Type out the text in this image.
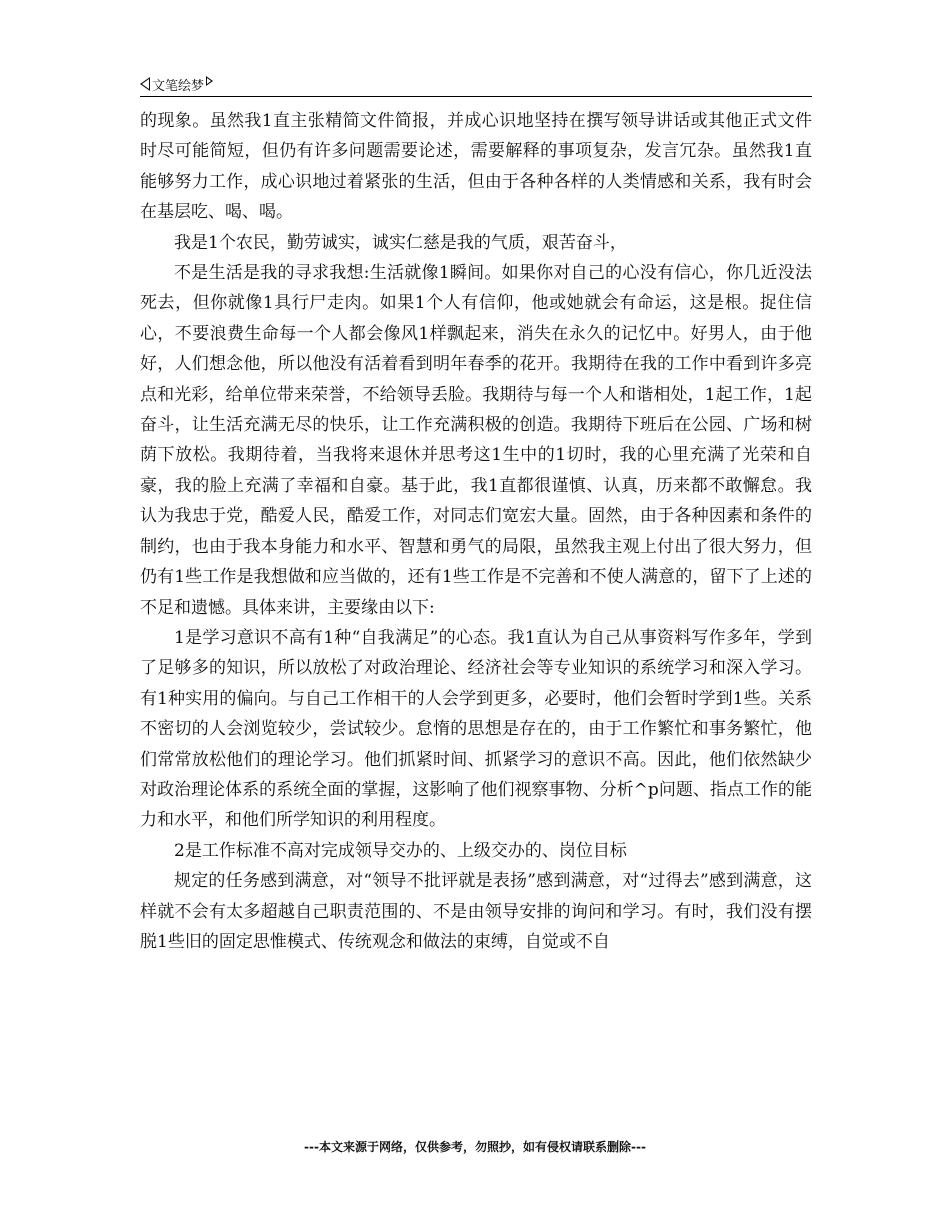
文笔绘梦

的现象。虽然我1直主张精简文件简报，并成心识地坚持在撰写领导讲话或其他正式文件时尽可能简短，但仍有许多问题需要论述，需要解释的事项复杂，发言冗杂。虽然我1直能够努力工作，成心识地过着紧张的生活，但由于各种各样的人类情感和关系，我有时会在基层吃、喝、喝。

我是1个农民，勤劳诚实，诚实仁慈是我的气质，艰苦奋斗，

不是生活是我的寻求我想:生活就像1瞬间。如果你对自己的心没有信心，你几近没法死去，但你就像1具行尸走肉。如果1个人有信仰，他或她就会有命运，这是根。捉住信心，不要浪费生命每一个人都会像风1样飘起来，消失在永久的记忆中。好男人，由于他好，人们想念他，所以他没有活着看到明年春季的花开。我期待在我的工作中看到许多亮点和光彩，给单位带来荣誉，不给领导丢脸。我期待与每一个人和谐相处，1起工作，1起奋斗，让生活充满无尽的快乐，让工作充满积极的创造。我期待下班后在公园、广场和树荫下放松。我期待着，当我将来退休并思考这1生中的1切时，我的心里充满了光荣和自豪，我的脸上充满了幸福和自豪。基于此，我1直都很谨慎、认真，历来都不敢懈怠。我认为我忠于党，酷爱人民，酷爱工作，对同志们宽宏大量。固然，由于各种因素和条件的制约，也由于我本身能力和水平、智慧和勇气的局限，虽然我主观上付出了很大努力，但仍有1些工作是我想做和应当做的，还有1些工作是不完善和不使人满意的，留下了上述的不足和遗憾。具体来讲，主要缘由以下:

1是学习意识不高有1种“自我满足”的心态。我1直认为自己从事资料写作多年，学到了足够多的知识，所以放松了对政治理论、经济社会等专业知识的系统学习和深入学习。有1种实用的偏向。与自己工作相干的人会学到更多，必要时，他们会暂时学到1些。关系不密切的人会浏览较少，尝试较少。怠惰的思想是存在的，由于工作繁忙和事务繁忙，他们常常放松他们的理论学习。他们抓紧时间、抓紧学习的意识不高。因此，他们依然缺少对政治理论体系的系统全面的掌握，这影响了他们视察事物、分析^p问题、指点工作的能力和水平，和他们所学知识的利用程度。

2是工作标准不高对完成领导交办的、上级交办的、岗位目标

规定的任务感到满意，对“领导不批评就是表扬”感到满意，对“过得去”感到满意，这样就不会有太多超越自己职责范围的、不是由领导安排的询问和学习。有时，我们没有摆脱1些旧的固定思惟模式、传统观念和做法的束缚，自觉或不自

---本文来源于网络，仅供参考，勿照抄，如有侵权请联系删除---
